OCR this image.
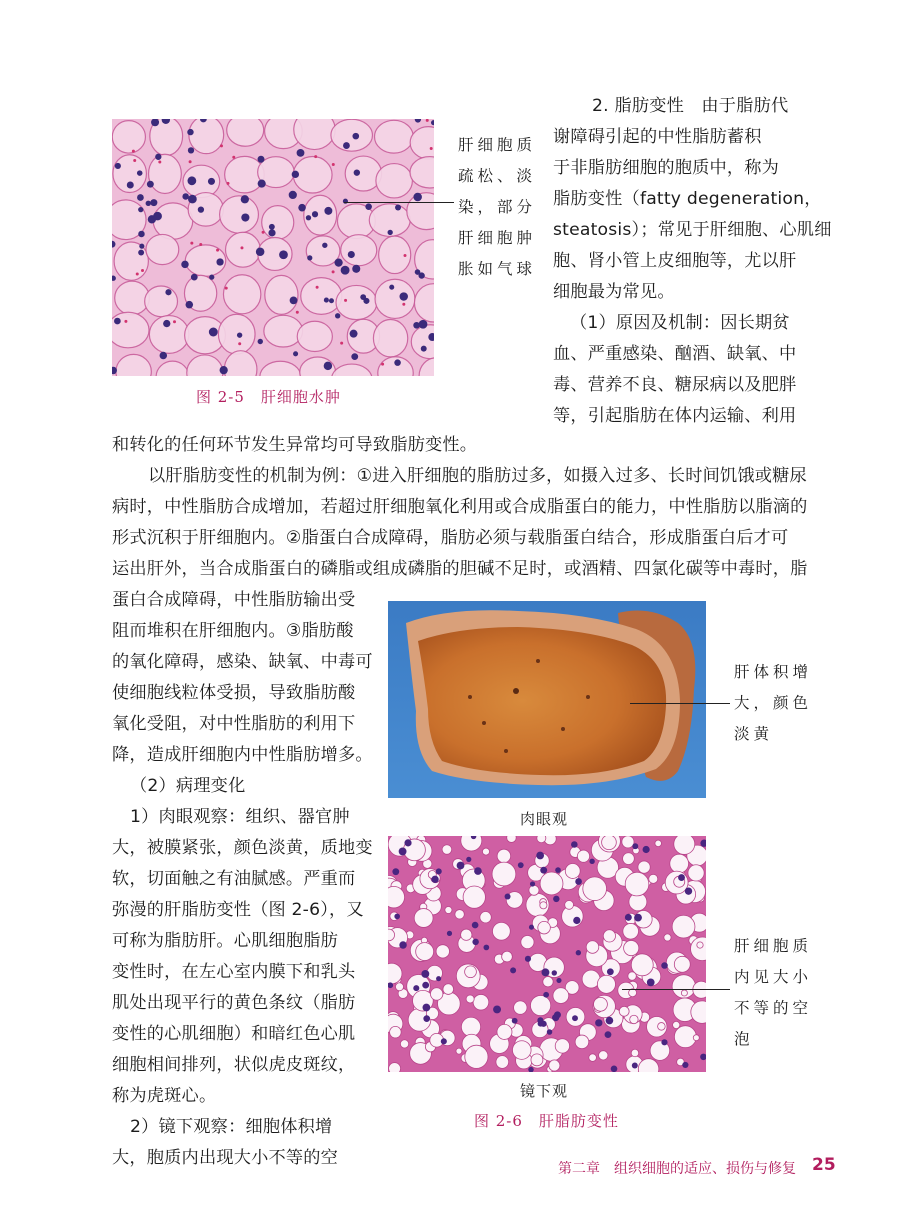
肝细胞质
疏松、淡
染，部分
肝细胞肿
胀如气球
图 2-5　肝细胞水肿
2. 脂肪变性　由于脂肪代
谢障碍引起的中性脂肪蓄积
于非脂肪细胞的胞质中，称为
脂肪变性（fatty degeneration，
steatosis）；常见于肝细胞、心肌细
胞、肾小管上皮细胞等，尤以肝
细胞最为常见。
（1）原因及机制：因长期贫
血、严重感染、酗酒、缺氧、中
毒、营养不良、糖尿病以及肥胖
等，引起脂肪在体内运输、利用
和转化的任何环节发生异常均可导致脂肪变性。
以肝脂肪变性的机制为例：①进入肝细胞的脂肪过多，如摄入过多、长时间饥饿或糖尿
病时，中性脂肪合成增加，若超过肝细胞氧化利用或合成脂蛋白的能力，中性脂肪以脂滴的
形式沉积于肝细胞内。②脂蛋白合成障碍，脂肪必须与载脂蛋白结合，形成脂蛋白后才可
运出肝外，当合成脂蛋白的磷脂或组成磷脂的胆碱不足时，或酒精、四氯化碳等中毒时，脂
蛋白合成障碍，中性脂肪输出受
阻而堆积在肝细胞内。③脂肪酸
的氧化障碍，感染、缺氧、中毒可
使细胞线粒体受损，导致脂肪酸
氧化受阻，对中性脂肪的利用下
降，造成肝细胞内中性脂肪增多。
（2）病理变化
1）肉眼观察：组织、器官肿
大，被膜紧张，颜色淡黄，质地变
软，切面触之有油腻感。严重而
弥漫的肝脂肪变性（图 2-6），又
可称为脂肪肝。心肌细胞脂肪
变性时，在左心室内膜下和乳头
肌处出现平行的黄色条纹（脂肪
变性的心肌细胞）和暗红色心肌
细胞相间排列，状似虎皮斑纹，
称为虎斑心。
2）镜下观察：细胞体积增
大，胞质内出现大小不等的空
肝体积增
大，颜色
淡黄
肉眼观
肝细胞质
内见大小
不等的空
泡
镜下观
图 2-6　肝脂肪变性
第二章　组织细胞的适应、损伤与修复 25
